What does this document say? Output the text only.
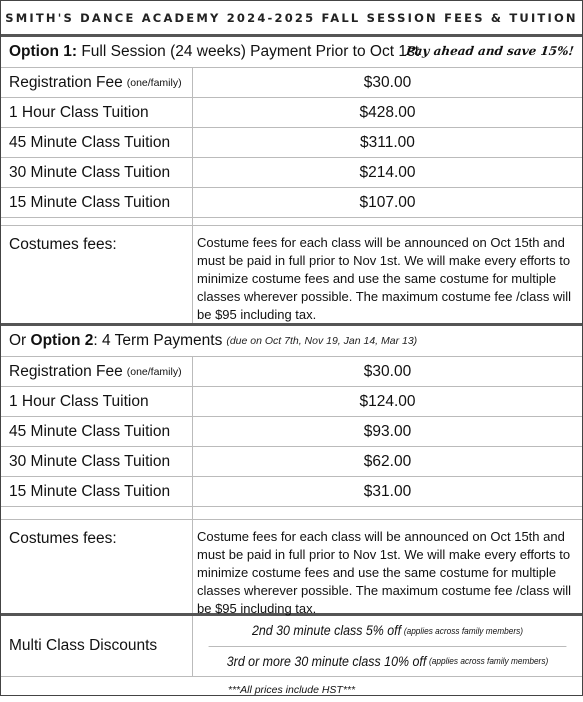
SMITH'S DANCE ACADEMY 2024-2025 FALL SESSION FEES & TUITION
Option 1: Full Session (24 weeks) Payment Prior to Oct 1st
Pay ahead and save 15%!
Registration Fee (one/family)	$30.00
1 Hour Class Tuition	$428.00
45 Minute Class Tuition	$311.00
30 Minute Class Tuition	$214.00
15 Minute Class Tuition	$107.00
Costumes fees:	Costume fees for each class will be announced on Oct 15th and must be paid in full prior to Nov 1st. We will make every efforts to minimize costume fees and use the same costume for multiple classes wherever possible. The maximum costume fee /class will be $95 including tax.
Or Option 2 : 4 Term Payments (due on Oct 7th, Nov 19, Jan 14, Mar 13)
Registration Fee (one/family)	$30.00
1 Hour Class Tuition	$124.00
45 Minute Class Tuition	$93.00
30 Minute Class Tuition	$62.00
15 Minute Class Tuition	$31.00
Costumes fees:	Costume fees for each class will be announced on Oct 15th and must be paid in full prior to Nov 1st. We will make every efforts to minimize costume fees and use the same costume for multiple classes wherever possible. The maximum costume fee /class will be $95 including tax.
Multi Class Discounts
2nd 30 minute class 5% off (applies across family members)
3rd or more 30 minute class 10% off (applies across family members)
***All prices include HST***
